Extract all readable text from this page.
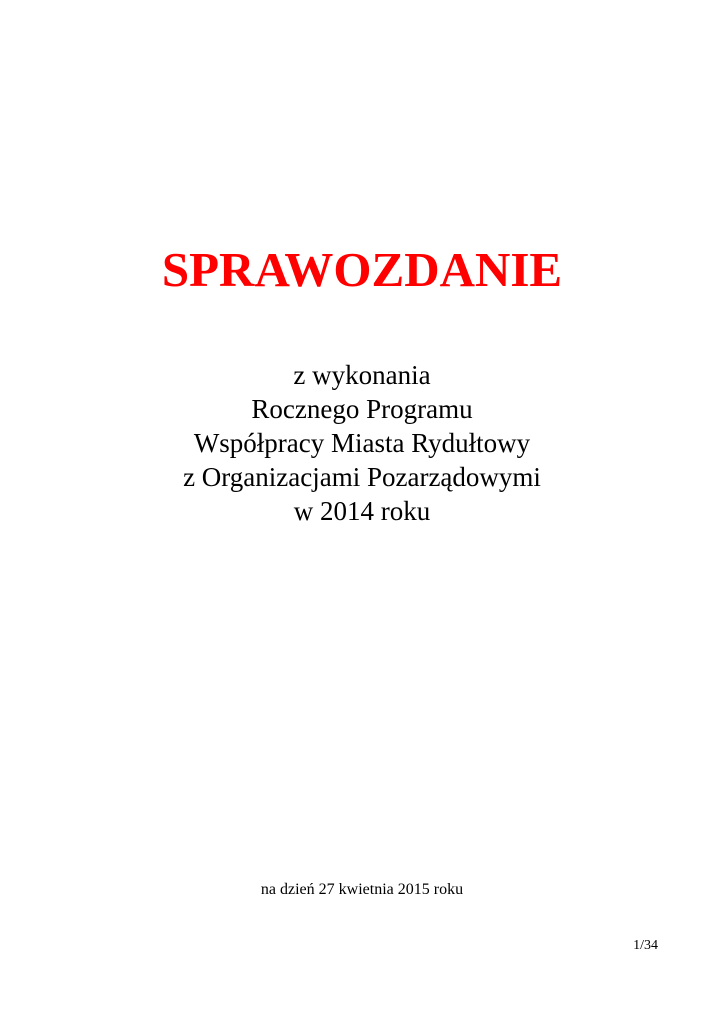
SPRAWOZDANIE
z wykonania
Rocznego Programu
Współpracy Miasta Rydułtowy
z Organizacjami Pozarządowymi
w 2014 roku
na dzień 27 kwietnia 2015 roku
1/34
